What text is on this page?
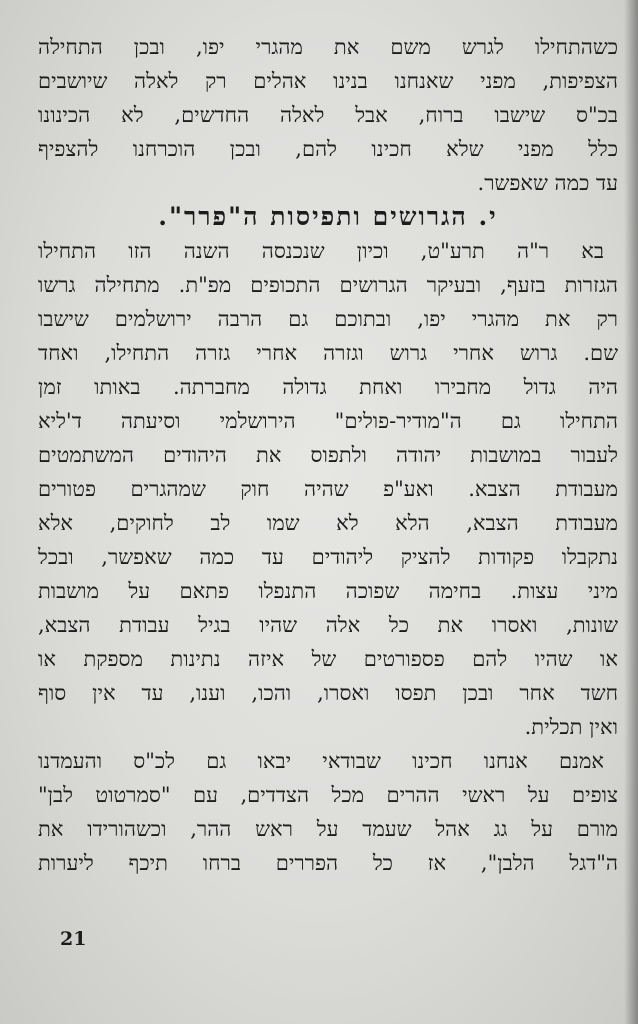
כשהתחילו לגרש משם את מהגרי יפו, ובכן התחילה
הצפיפות, מפני שאנחנו בנינו אהלים רק לאלה שיושבים
בכ"ס שישבו ברוח, אבל לאלה החדשים, לא הכינונו
כלל מפני שלא חכינו להם, ובכן הוכרחנו להצפיף
עד כמה שאפשר.

י. הגרושים ותפיסות ה"פרר".

בא ר"ה תרע"ט, וכיון שנכנסה השנה הזו התחילו
הגזרות בזעף, ובעיקר הגרושים התכופים מפ"ת. מתחילה גרשו
רק את מהגרי יפו, ובתוכם גם הרבה ירושלמים שישבו
שם. גרוש אחרי גרוש וגזרה אחרי גזרה התחילו, ואחד
היה גדול מחבירו ואחת גדולה מחברתה. באותו זמן
התחילו גם ה"מודיר-פולים" הירושלמי וסיעתה ד'ליא
לעבור במושבות יהודה ולתפוס את היהודים המשתמטים
מעבודת הצבא. ואע"פ שהיה חוק שמהגרים פטורים
מעבודת הצבא, הלא לא שמו לב לחוקים, אלא
נתקבלו פקודות להציק ליהודים עד כמה שאפשר, ובכל
מיני עצות. בחימה שפוכה התנפלו פתאם על מושבות
שונות, ואסרו את כל אלה שהיו בגיל עבודת הצבא,
או שהיו להם פספורטים של איזה נתינות מספקת או
חשד אחר ובכן תפסו ואסרו, והכו, וענו, עד אין סוף
ואין תכלית.

אמנם אנחנו חכינו שבודאי יבאו גם לכ"ס והעמדנו
צופים על ראשי ההרים מכל הצדדים, עם "סמרטוט לבן"
מורם על גג אהל שעמד על ראש ההר, וכשהורידו את
ה"דגל הלבן", אז כל הפררים ברחו תיכף ליערות

21
